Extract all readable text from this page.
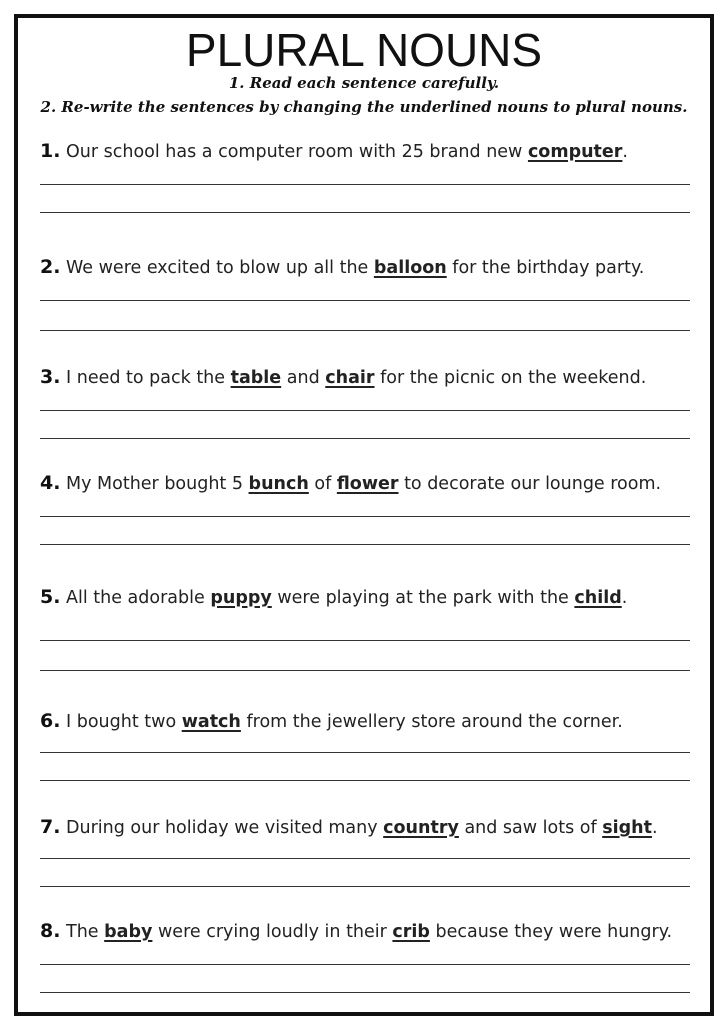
PLURAL NOUNS
1. Read each sentence carefully.
2. Re-write the sentences by changing the underlined nouns to plural nouns.
1. Our school has a computer room with 25 brand new computer.
2. We were excited to blow up all the balloon for the birthday party.
3. I need to pack the table and chair for the picnic on the weekend.
4. My Mother bought 5 bunch of flower to decorate our lounge room.
5. All the adorable puppy were playing at the park with the child.
6. I bought two watch from the jewellery store around the corner.
7. During our holiday we visited many country and saw lots of sight.
8. The baby were crying loudly in their crib because they were hungry.
